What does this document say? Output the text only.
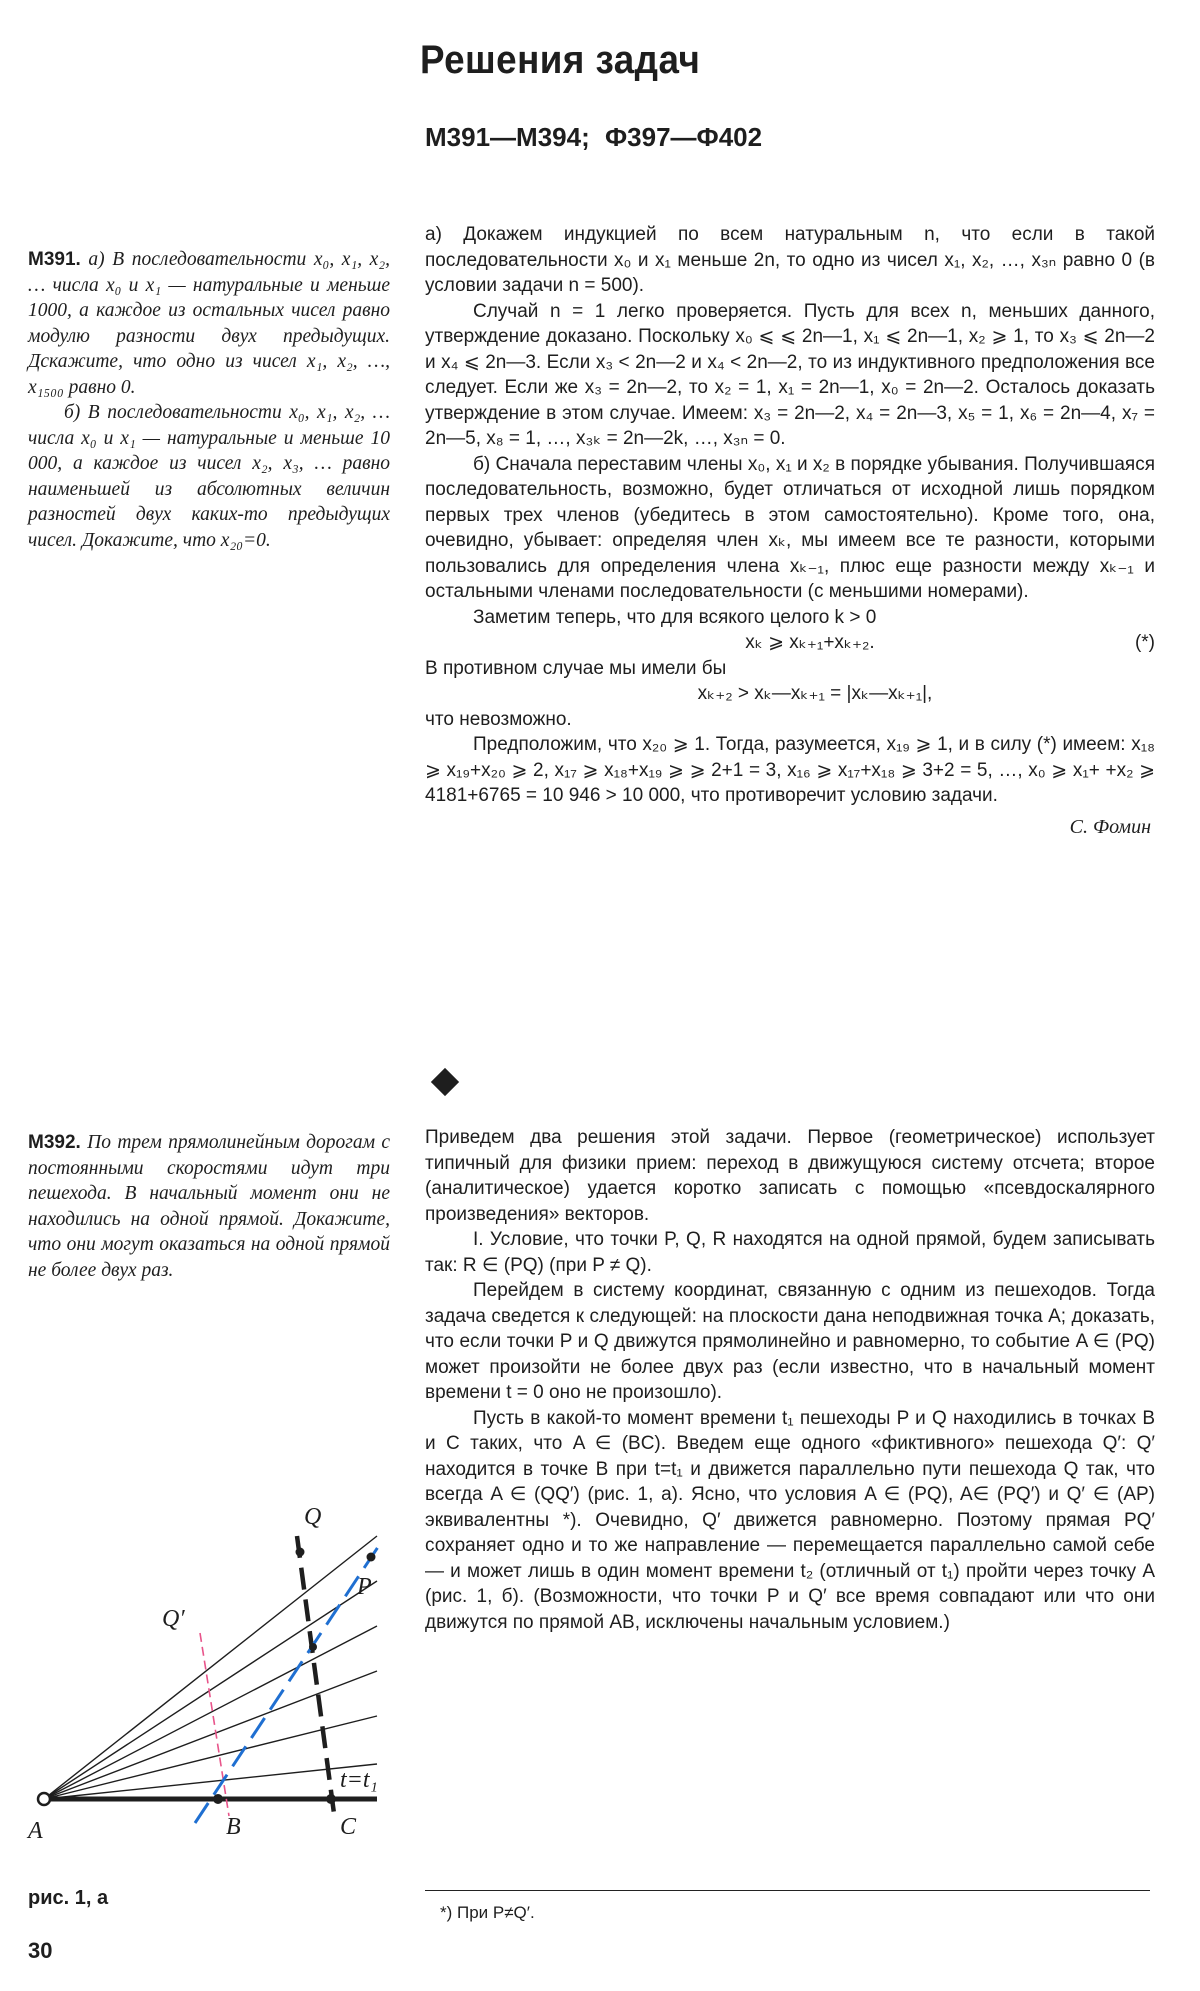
Решения задач
М391—М394; Ф397—Ф402

М391. а) В последовательности x₀, x₁, x₂, … числа x₀ и x₁ — натуральные и меньше 1000, а каждое из остальных чисел равно модулю разности двух предыдущих. Дскажите, что одно из чисел x₁, x₂, …, x₁₅₀₀ равно 0.

б) В последовательности x₀, x₁, x₂, … числа x₀ и x₁ — натуральные и меньше 10 000, а каждое из чисел x₂, x₃, … равно наименьшей из абсолютных величин разностей двух каких-то предыдущих чисел. Докажите, что x₂₀=0.

а) Докажем индукцией по всем натуральным n, что если в такой последовательности x₀ и x₁ меньше 2n, то одно из чисел x₁, x₂, …, x₃ₙ равно 0 (в условии задачи n = 500).

Случай n = 1 легко проверяется. Пусть для всех n, меньших данного, утверждение доказано. Поскольку x₀ ⩽ ⩽ 2n—1, x₁ ⩽ 2n—1, x₂ ⩾ 1, то x₃ ⩽ 2n—2 и x₄ ⩽ 2n—3. Если x₃ < 2n—2 и x₄ < 2n—2, то из индуктивного предположения все следует. Если же x₃ = 2n—2, то x₂ = 1, x₁ = 2n—1, x₀ = 2n—2. Осталось доказать утверждение в этом случае. Имеем: x₃ = 2n—2, x₄ = 2n—3, x₅ = 1, x₆ = 2n—4, x₇ = 2n—5, x₈ = 1, …, x₃ₖ = 2n—2k, …, x₃ₙ = 0.

б) Сначала переставим члены x₀, x₁ и x₂ в порядке убывания. Получившаяся последовательность, возможно, будет отличаться от исходной лишь порядком первых трех членов (убедитесь в этом самостоятельно). Кроме того, она, очевидно, убывает: определяя член xₖ, мы имеем все те разности, которыми пользовались для определения члена xₖ₋₁, плюс еще разности между xₖ₋₁ и остальными членами последовательности (с меньшими номерами).

Заметим теперь, что для всякого целого k > 0

(*)
xₖ ⩾ xₖ₊₁+xₖ₊₂.

В противном случае мы имели бы

xₖ₊₂ > xₖ—xₖ₊₁ = |xₖ—xₖ₊₁|,

что невозможно.

Предположим, что x₂₀ ⩾ 1. Тогда, разумеется, x₁₉ ⩾ 1, и в силу (*) имеем: x₁₈ ⩾ x₁₉+x₂₀ ⩾ 2, x₁₇ ⩾ x₁₈+x₁₉ ⩾ ⩾ 2+1 = 3, x₁₆ ⩾ x₁₇+x₁₈ ⩾ 3+2 = 5, …, x₀ ⩾ x₁+ +x₂ ⩾ 4181+6765 = 10 946 > 10 000, что противоречит условию задачи.

С. Фомин

М392. По трем прямолинейным дорогам с постоянными скоростями идут три пешехода. В начальный момент они не находились на одной прямой. Докажите, что они могут оказаться на одной прямой не более двух раз.

Приведем два решения этой задачи. Первое (геометрическое) использует типичный для физики прием: переход в движущуюся систему отсчета; второе (аналитическое) удается коротко записать с помощью «псевдоскалярного произведения» векторов.

I. Условие, что точки P, Q, R находятся на одной прямой, будем записывать так: R ∈ (PQ) (при P ≠ Q).

Перейдем в систему координат, связанную с одним из пешеходов. Тогда задача сведется к следующей: на плоскости дана неподвижная точка A; доказать, что если точки P и Q движутся прямолинейно и равномерно, то событие A ∈ (PQ) может произойти не более двух раз (если известно, что в начальный момент времени t = 0 оно не произошло).

Пусть в какой-то момент времени t₁ пешеходы P и Q находились в точках B и C таких, что A ∈ (BC). Введем еще одного «фиктивного» пешехода Q′: Q′ находится в точке B при t=t₁ и движется параллельно пути пешехода Q так, что всегда A ∈ (QQ′) (рис. 1, а). Ясно, что условия A ∈ (PQ), A∈ (PQ′) и Q′ ∈ (AP) эквивалентны *). Очевидно, Q′ движется равномерно. Поэтому прямая PQ′ сохраняет одно и то же направление — перемещается параллельно самой себе — и может лишь в один момент времени t₂ (отличный от t₁) пройти через точку A (рис. 1, б). (Возможности, что точки P и Q′ все время совпадают или что они движутся по прямой AB, исключены начальным условием.)

A	B	C
P
Q
Q′
t=t₁
рис. 1, а
*) При P≠Q′.
30
